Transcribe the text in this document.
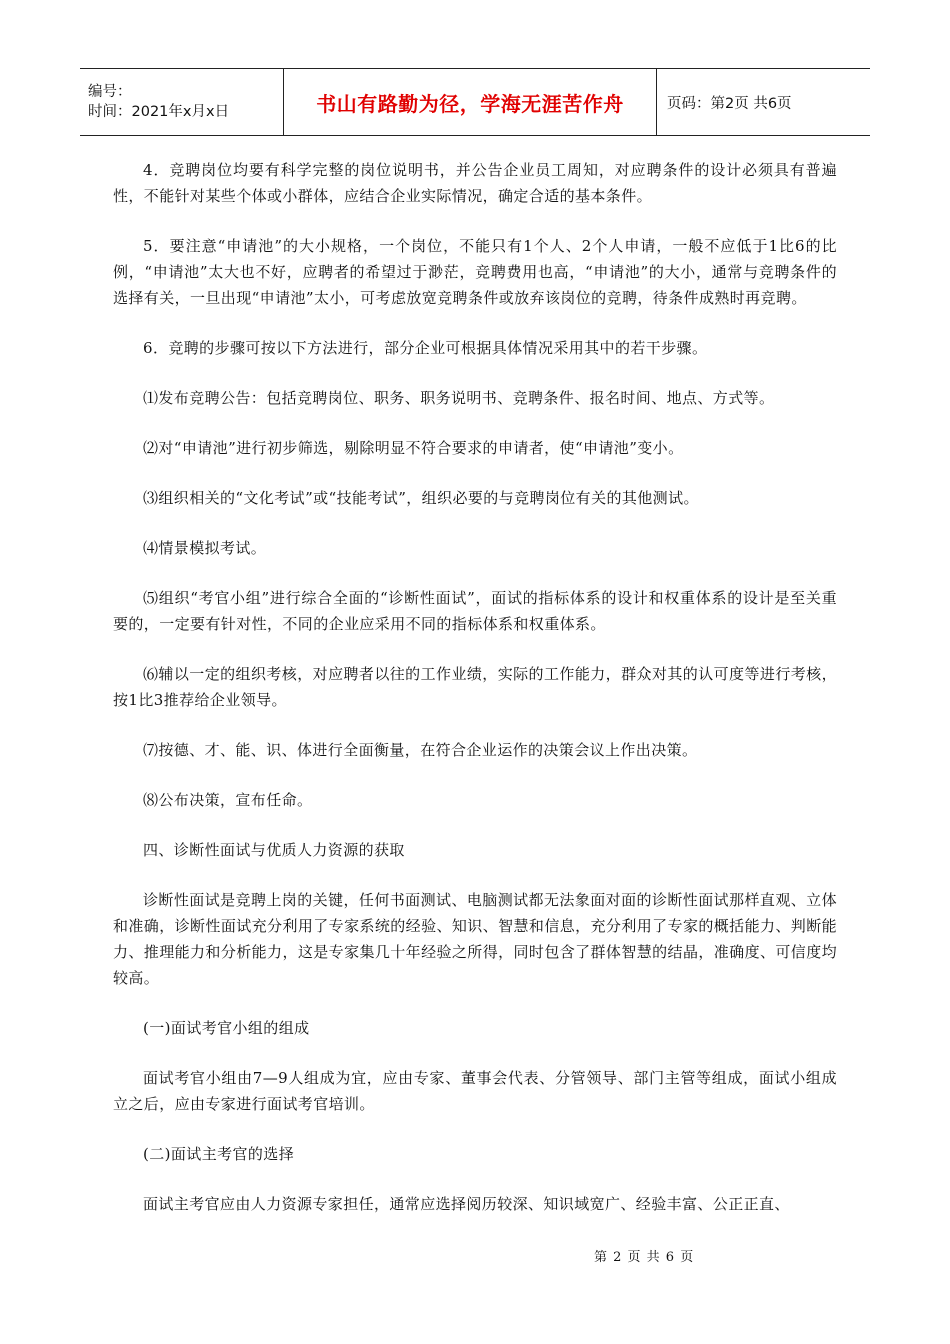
编号：
时间：2021年x月x日	书山有路勤为径，学海无涯苦作舟	页码：第2页 共6页

4．竞聘岗位均要有科学完整的岗位说明书，并公告企业员工周知，对应聘条件的设计必须具有普遍性，不能针对某些个体或小群体，应结合企业实际情况，确定合适的基本条件。

5．要注意“申请池”的大小规格，一个岗位，不能只有1个人、2个人申请，一般不应低于1比6的比例，“申请池”太大也不好，应聘者的希望过于渺茫，竞聘费用也高，“申请池”的大小，通常与竞聘条件的选择有关，一旦出现“申请池”太小，可考虑放宽竞聘条件或放弃该岗位的竞聘，待条件成熟时再竞聘。

6．竞聘的步骤可按以下方法进行，部分企业可根据具体情况采用其中的若干步骤。

⑴发布竞聘公告：包括竞聘岗位、职务、职务说明书、竞聘条件、报名时间、地点、方式等。

⑵对“申请池”进行初步筛选，剔除明显不符合要求的申请者，使“申请池”变小。

⑶组织相关的“文化考试”或“技能考试”，组织必要的与竞聘岗位有关的其他测试。

⑷情景模拟考试。

⑸组织“考官小组”进行综合全面的“诊断性面试”，面试的指标体系的设计和权重体系的设计是至关重要的，一定要有针对性，不同的企业应采用不同的指标体系和权重体系。

⑹辅以一定的组织考核，对应聘者以往的工作业绩，实际的工作能力，群众对其的认可度等进行考核，按1比3推荐给企业领导。

⑺按德、才、能、识、体进行全面衡量，在符合企业运作的决策会议上作出决策。

⑻公布决策，宣布任命。

四、诊断性面试与优质人力资源的获取

诊断性面试是竞聘上岗的关键，任何书面测试、电脑测试都无法象面对面的诊断性面试那样直观、立体和准确，诊断性面试充分利用了专家系统的经验、知识、智慧和信息，充分利用了专家的概括能力、判断能力、推理能力和分析能力，这是专家集几十年经验之所得，同时包含了群体智慧的结晶，准确度、可信度均较高。

(一)面试考官小组的组成

面试考官小组由7—9人组成为宜，应由专家、董事会代表、分管领导、部门主管等组成，面试小组成立之后，应由专家进行面试考官培训。

(二)面试主考官的选择

面试主考官应由人力资源专家担任，通常应选择阅历较深、知识域宽广、经验丰富、公正正直、

第 2 页 共 6 页
